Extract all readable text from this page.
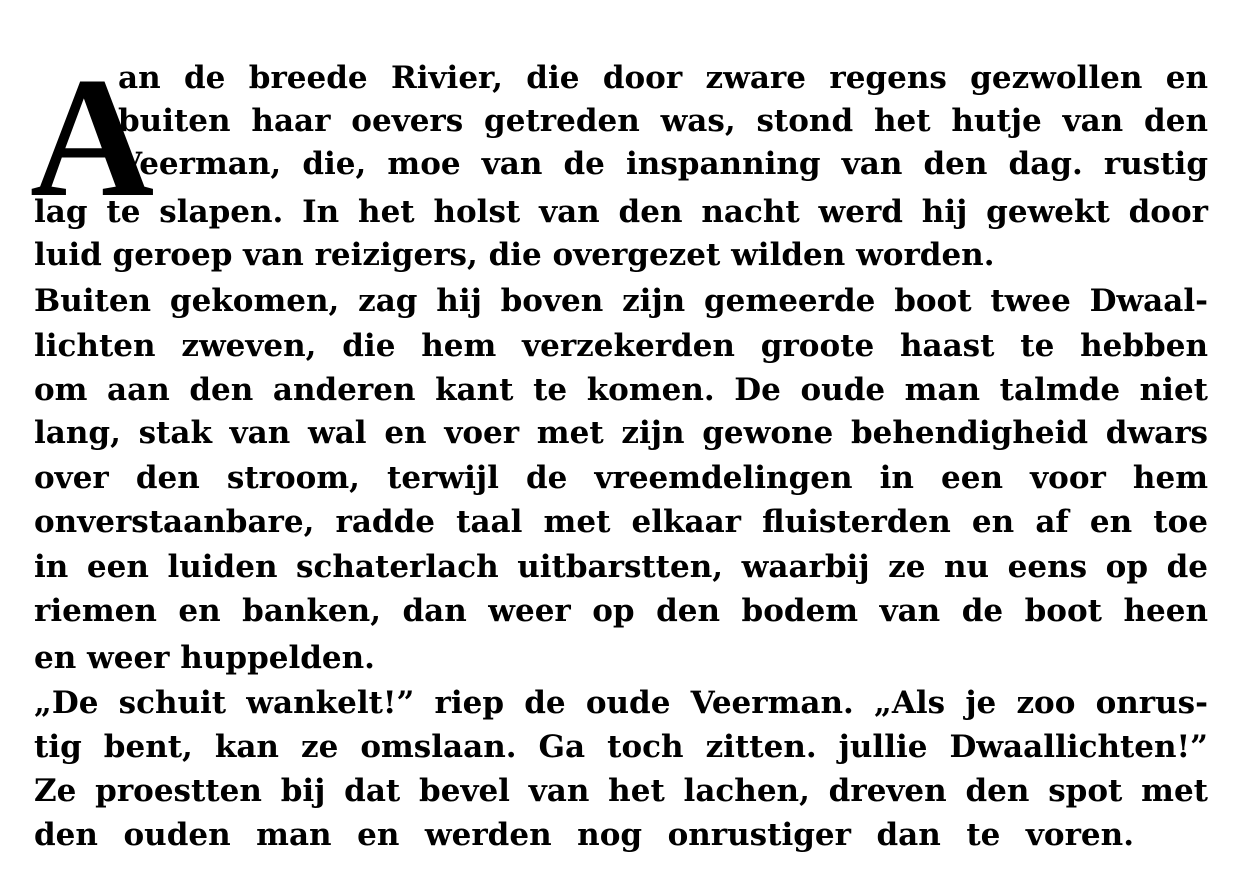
A
an de breede Rivier, die door zware regens gezwollen en
buiten haar oevers getreden was, stond het hutje van den
Veerman, die, moe van de inspanning van den dag. rustig
lag te slapen. In het holst van den nacht werd hij gewekt door
luid geroep van reizigers, die overgezet wilden worden.
Buiten gekomen, zag hij boven zijn gemeerde boot twee Dwaal-
lichten zweven, die hem verzekerden groote haast te hebben
om aan den anderen kant te komen. De oude man talmde niet
lang, stak van wal en voer met zijn gewone behendigheid dwars
over den stroom, terwijl de vreemdelingen in een voor hem
onverstaanbare, radde taal met elkaar fluisterden en af en toe
in een luiden schaterlach uitbarstten, waarbij ze nu eens op de
riemen en banken, dan weer op den bodem van de boot heen
en weer huppelden.
„De schuit wankelt!” riep de oude Veerman. „Als je zoo onrus-
tig bent, kan ze omslaan. Ga toch zitten. jullie Dwaallichten!”
Ze proestten bij dat bevel van het lachen, dreven den spot met
den ouden man en werden nog onrustiger dan te voren.
